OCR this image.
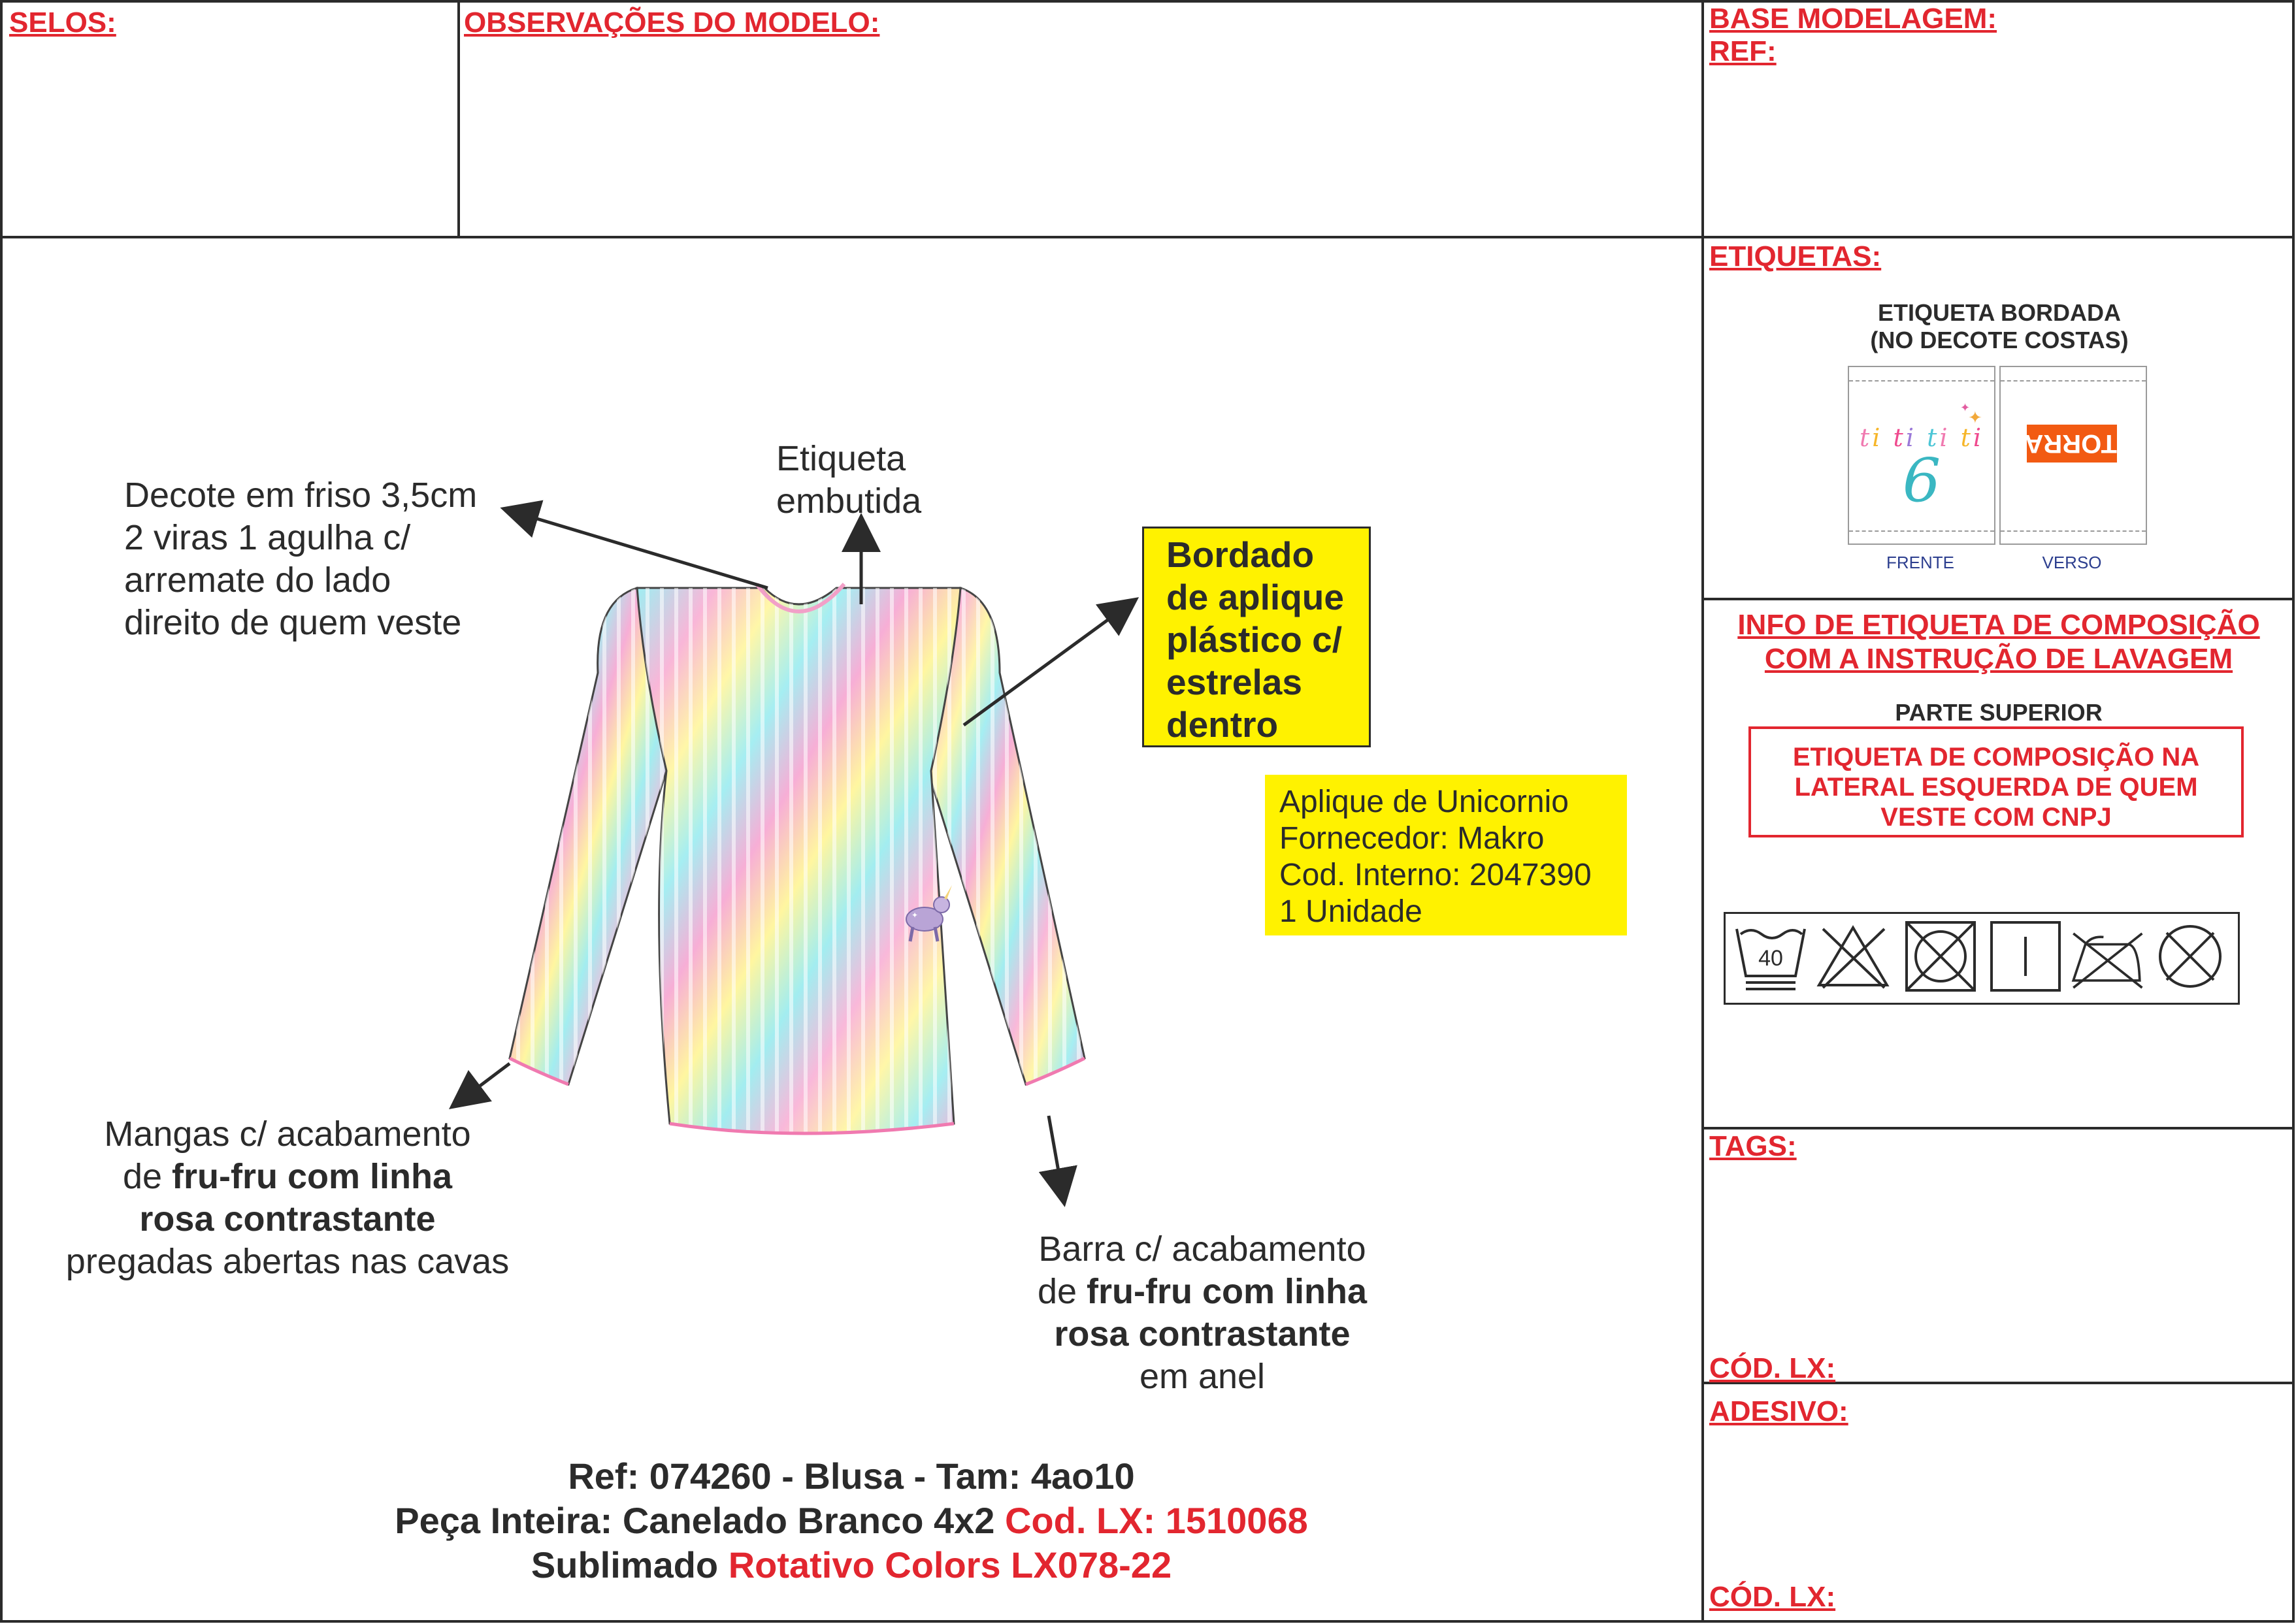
SELOS:	OBSERVAÇÕES DO MODELO:	BASE MODELAGEM:
REF:
ETIQUETAS:
ETIQUETA BORDADA
(NO DECOTE COSTAS)
ti ti ti ti
6
✦
✦
TORRA
FRENTE	VERSO
INFO DE ETIQUETA DE COMPOSIÇÃO
COM A INSTRUÇÃO DE LAVAGEM
PARTE SUPERIOR
ETIQUETA DE COMPOSIÇÃO NA
LATERAL ESQUERDA DE QUEM
VESTE COM CNPJ
40
TAGS:
CÓD. LX:
ADESIVO:
CÓD. LX:
✦
Decote em friso 3,5cm
2 viras 1 agulha c/
arremate do lado
direito de quem veste
Etiqueta
embutida
Bordado
de aplique
plástico c/
estrelas
dentro
Aplique de Unicornio
Fornecedor: Makro
Cod. Interno: 2047390
1 Unidade
Mangas c/ acabamento
de fru-fru com linha
rosa contrastante
pregadas abertas nas cavas	Barra c/ acabamento
de fru-fru com linha
rosa contrastante
em anel
Ref: 074260 - Blusa - Tam: 4ao10
Peça Inteira: Canelado Branco 4x2 Cod. LX: 1510068
Sublimado Rotativo Colors LX078-22
